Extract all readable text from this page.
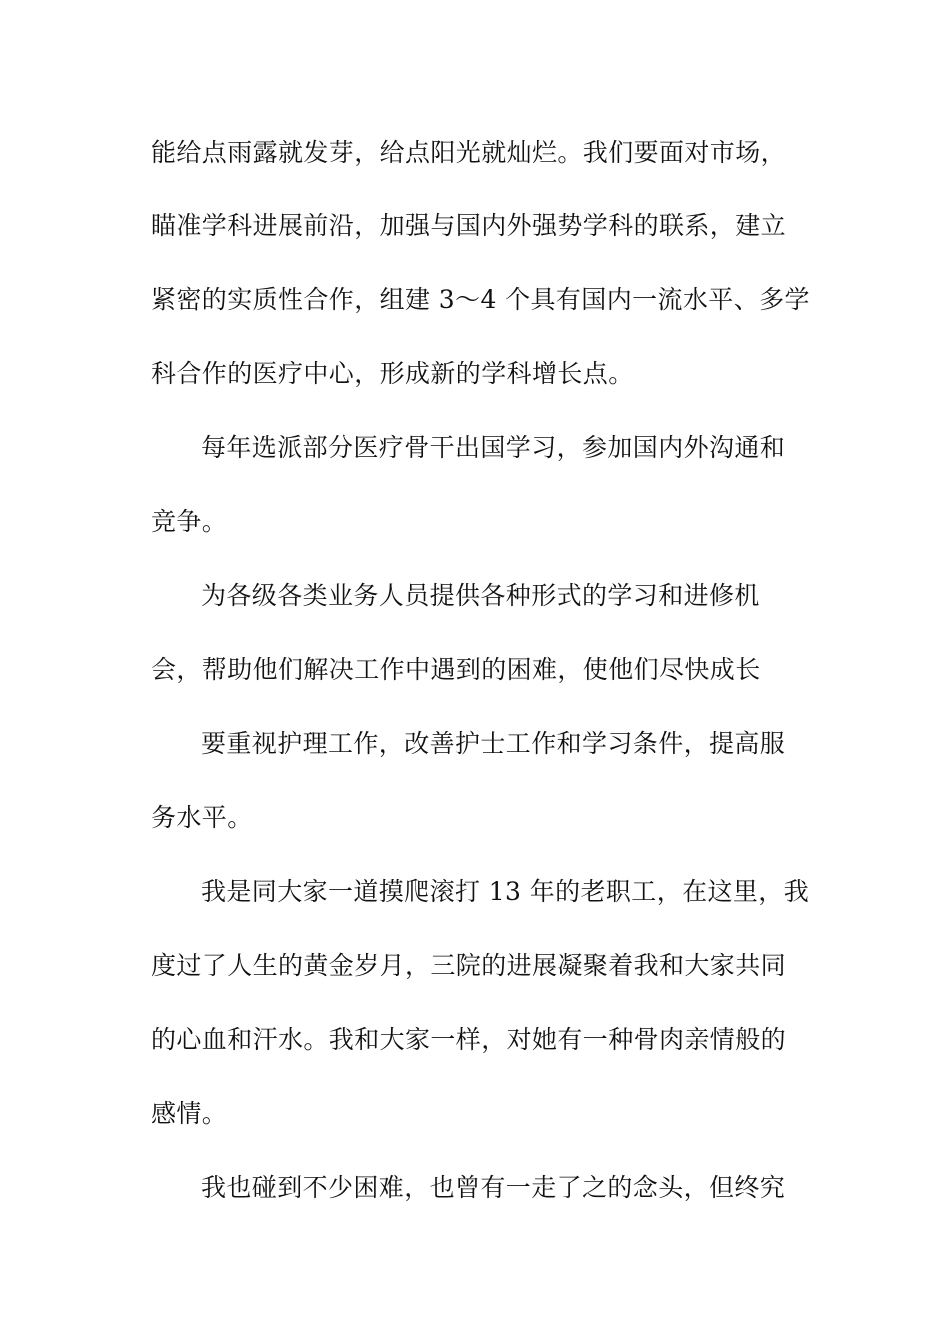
能给点雨露就发芽，给点阳光就灿烂。我们要面对市场，
瞄准学科进展前沿，加强与国内外强势学科的联系，建立
紧密的实质性合作，组建 3～4 个具有国内一流水平、多学
科合作的医疗中心，形成新的学科增长点。
每年选派部分医疗骨干出国学习，参加国内外沟通和
竞争。
为各级各类业务人员提供各种形式的学习和进修机
会，帮助他们解决工作中遇到的困难，使他们尽快成长
要重视护理工作，改善护士工作和学习条件，提高服
务水平。
我是同大家一道摸爬滚打 13 年的老职工，在这里，我
度过了人生的黄金岁月，三院的进展凝聚着我和大家共同
的心血和汗水。我和大家一样，对她有一种骨肉亲情般的
感情。
我也碰到不少困难，也曾有一走了之的念头，但终究
